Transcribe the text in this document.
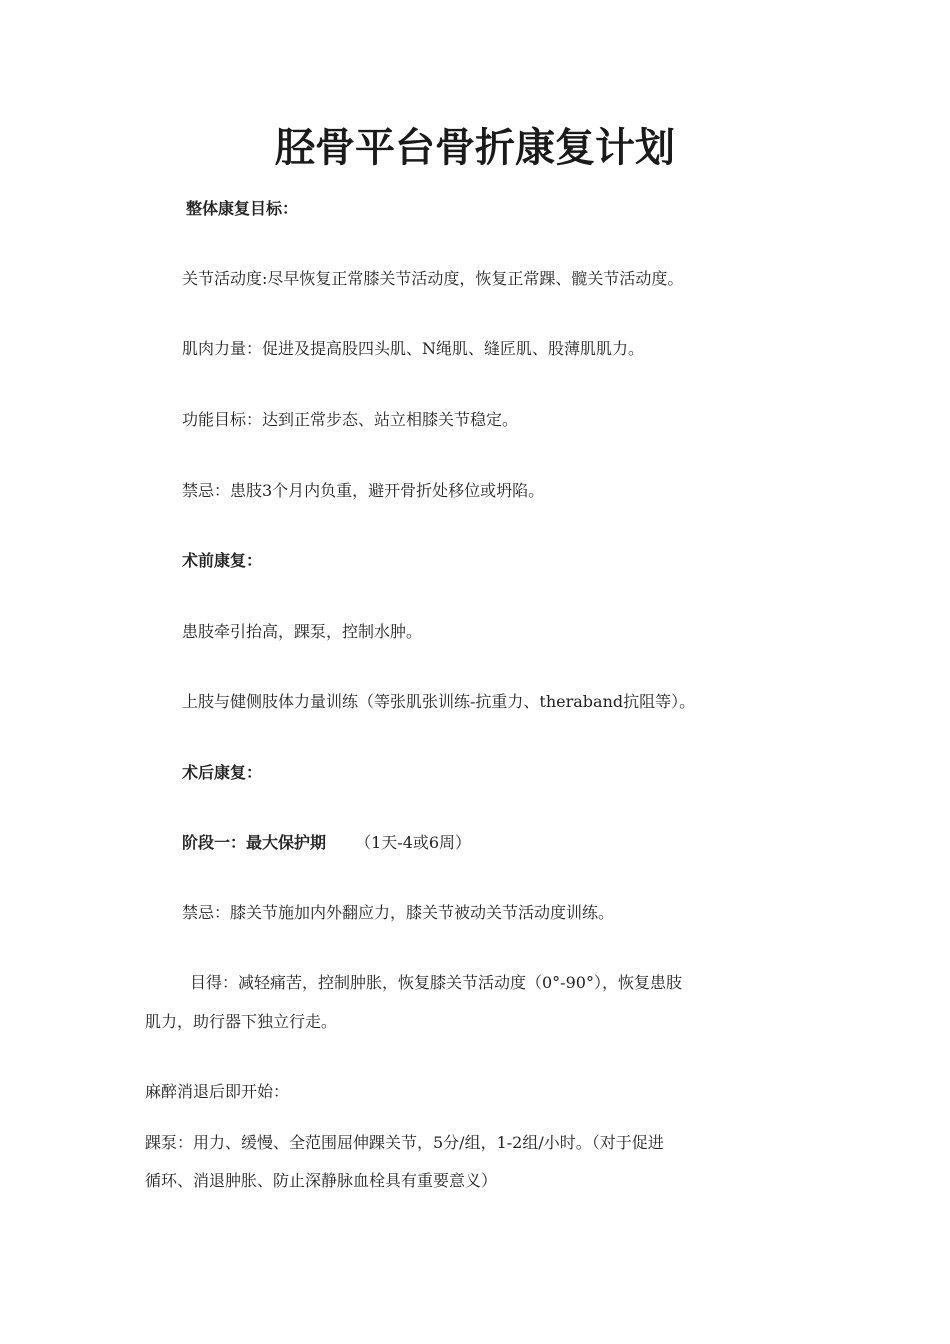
胫骨平台骨折康复计划
整体康复目标：
关节活动度:尽早恢复正常膝关节活动度，恢复正常踝、髋关节活动度。
肌肉力量：促进及提高股四头肌、N绳肌、缝匠肌、股薄肌肌力。
功能目标：达到正常步态、站立相膝关节稳定。
禁忌：患肢3个月内负重，避开骨折处移位或坍陷。
术前康复：
患肢牵引抬高，踝泵，控制水肿。
上肢与健侧肢体力量训练（等张肌张训练-抗重力、theraband抗阻等）。
术后康复：
阶段一：最大保护期 （1天-4或6周）
禁忌：膝关节施加内外翻应力，膝关节被动关节活动度训练。
目得：减轻痛苦，控制肿胀，恢复膝关节活动度（0°-90°），恢复患肢
肌力，助行器下独立行走。
麻醉消退后即开始：
踝泵：用力、缓慢、全范围屈伸踝关节，5分/组，1-2组/小时。（对于促进
循环、消退肿胀、防止深静脉血栓具有重要意义）
